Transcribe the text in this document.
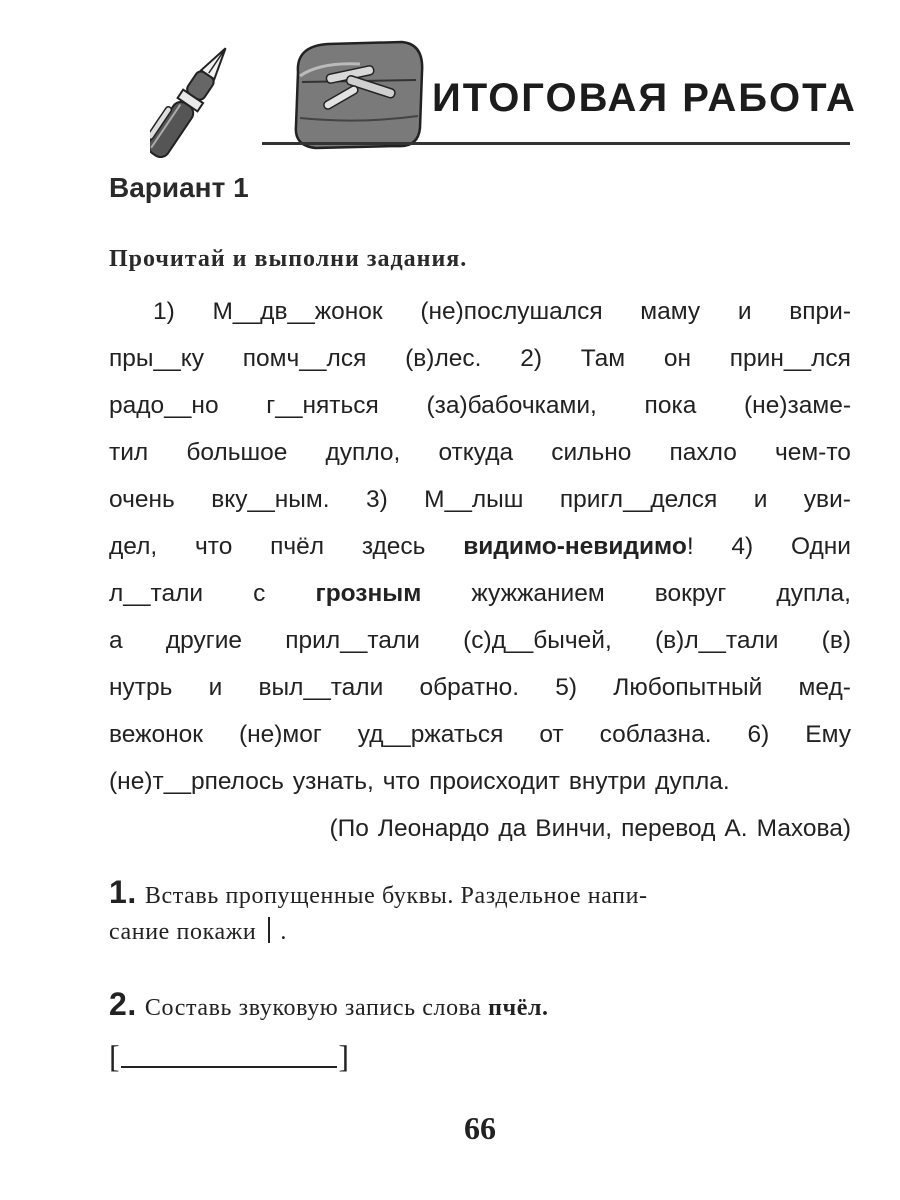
ИТОГОВАЯ РАБОТА
Вариант 1

Прочитай и выполни задания.

1) М__дв__жонок (не)послушался маму и впри-
пры__ку помч__лся (в)лес. 2) Там он прин__лся
радо__но г__няться (за)бабочками, пока (не)заме-
тил большое дупло, откуда сильно пахло чем-то
очень вку__ным. 3) М__лыш пригл__делся и уви-
дел, что пчёл здесь видимо-невидимо! 4) Одни
л__тали с грозным жужжанием вокруг дупла,
а другие прил__тали (с)д__бычей, (в)л__тали (в)
нутрь и выл__тали обратно. 5) Любопытный мед-
вежонок (не)мог уд__ржаться от соблазна. 6) Ему
(не)т__рпелось узнать, что происходит внутри дупла.
(По Леонардо да Винчи, перевод А. Махова)
1. Вставь пропущенные буквы. Раздельное напи-
сание покажи .
2. Составь звуковую запись слова пчёл.
[	]
66
